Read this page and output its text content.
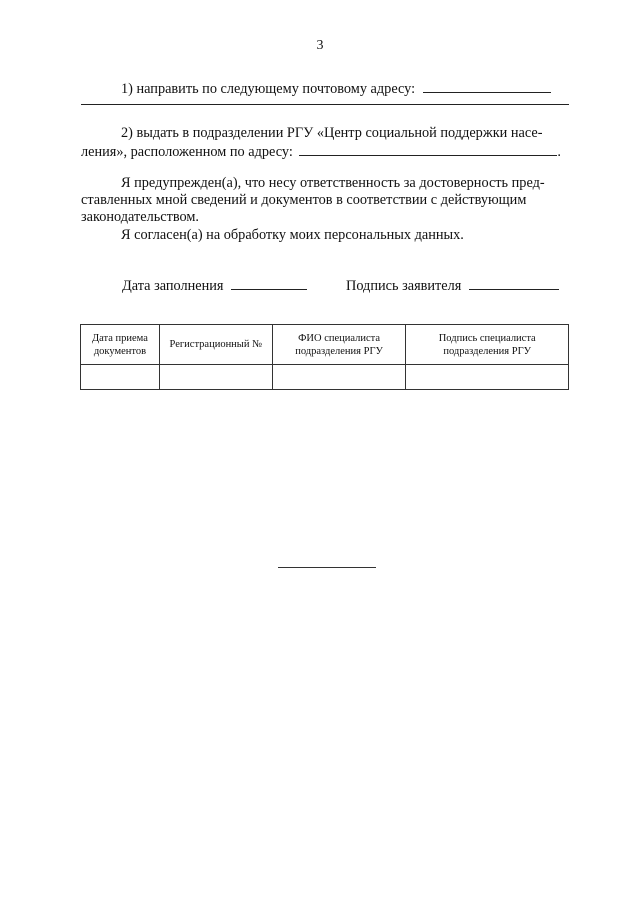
3
1) направить по следующему почтовому адресу:
2) выдать в подразделении РГУ «Центр социальной поддержки насе-
ления», расположенном по адресу:	.
Я предупрежден(а), что несу ответственность за достоверность пред-
ставленных мной сведений и документов в соответствии с действующим
законодательством.
Я согласен(а) на обработку моих персональных данных.
Дата заполнения	Подпись заявителя
Дата приема документов	Регистрационный №	ФИО специалиста подразделения РГУ	Подпись специалиста подразделения РГУ
